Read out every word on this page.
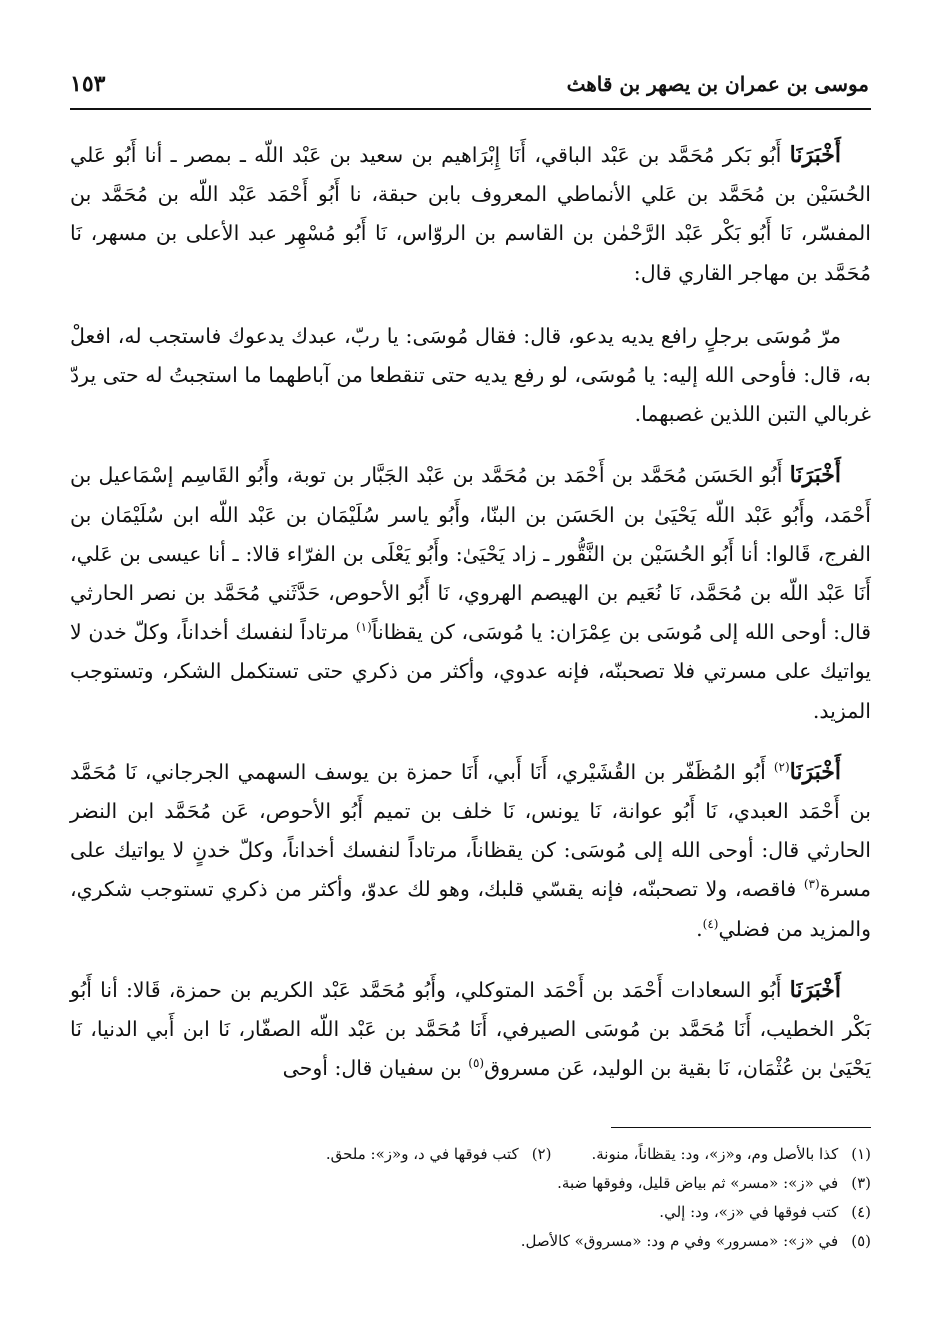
موسى بن عمران بن يصهر بن قاهث
١٥٣

أَخْبَرَنَا أَبُو بَكر مُحَمَّد بن عَبْد الباقي، أَنَا إِبْرَاهيم بن سعيد بن عَبْد اللّه ـ بمصر ـ أنا أَبُو عَلي الحُسَيْن بن مُحَمَّد بن عَلي الأنماطي المعروف بابن حبقة، نا أَبُو أَحْمَد عَبْد اللّه بن مُحَمَّد بن المفسّر، نَا أَبُو بَكْر عَبْد الرَّحْمٰن بن القاسم بن الروّاس، نَا أَبُو مُسْهِر عبد الأعلى بن مسهر، نَا مُحَمَّد بن مهاجر القاري قال:

مرّ مُوسَى برجلٍ رافع يديه يدعو، قال: فقال مُوسَى: يا ربّ، عبدك يدعوك فاستجب له، افعلْ به، قال: فأوحى الله إليه: يا مُوسَى، لو رفع يديه حتى تنقطعا من آباطهما ما استجبتُ له حتى يردّ غربالي التبن اللذين غصبهما.

أَخْبَرَنَا أَبُو الحَسَن مُحَمَّد بن أَحْمَد بن مُحَمَّد بن عَبْد الجَبَّار بن توبة، وأَبُو القَاسِم إسْمَاعيل بن أَحْمَد، وأَبُو عَبْد اللّه يَحْيَىٰ بن الحَسَن بن البنّا، وأَبُو ياسر سُلَيْمَان بن عَبْد اللّه ابن سُلَيْمَان بن الفرج، قَالوا: أنا أَبُو الحُسَيْن بن النَّقُّور ـ زاد يَحْيَىٰ: وأَبُو يَعْلَى بن الفرّاء قالا: ـ أنا عيسى بن عَلي، أَنَا عَبْد اللّه بن مُحَمَّد، نَا نُعَيم بن الهيصم الهروي، نَا أَبُو الأحوص، حَدَّثَني مُحَمَّد بن نصر الحارثي قال: أوحى الله إلى مُوسَى بن عِمْرَان: يا مُوسَى، كن يقظاناً$^{(١)}$ مرتاداً لنفسك أخداناً، وكلّ خدن لا يواتيك على مسرتي فلا تصحبنّه، فإنه عدوي، وأكثر من ذكري حتى تستكمل الشكر، وتستوجب المزيد.

أَخْبَرَنَا$^{(٢)}$ أَبُو المُظَفّر بن القُشَيْري، أَنَا أَبي، أَنَا حمزة بن يوسف السهمي الجرجاني، نَا مُحَمَّد بن أَحْمَد العبدي، نَا أَبُو عوانة، نَا يونس، نَا خلف بن تميم أَبُو الأحوص، عَن مُحَمَّد ابن النضر الحارثي قال: أوحى الله إلى مُوسَى: كن يقظاناً، مرتاداً لنفسك أخداناً، وكلّ خدنٍ لا يواتيك على مسرة$^{(٣)}$ فاقصه، ولا تصحبنّه، فإنه يقسّي قلبك، وهو لك عدوّ، وأكثر من ذكري تستوجب شكري، والمزيد من فضلي$^{(٤)}$.

أَخْبَرَنَا أَبُو السعادات أَحْمَد بن أَحْمَد المتوكلي، وأَبُو مُحَمَّد عَبْد الكريم بن حمزة، قَالا: أنا أَبُو بَكْر الخطيب، أَنَا مُحَمَّد بن مُوسَى الصيرفي، أَنَا مُحَمَّد بن عَبْد اللّه الصفّار، نَا ابن أَبي الدنيا، نَا يَحْيَىٰ بن عُثْمَان، نَا بقية بن الوليد، عَن مسروق$^{(٥)}$ بن سفيان قال: أوحى

(١) كذا بالأصل وم، و«ز»، ود: يقظاناً، منونة.
(٢) كتب فوقها في د، و«ز»: ملحق.
(٣) في «ز»: «مسر» ثم بياض قليل، وفوقها ضبة.
(٤) كتب فوقها في «ز»، ود: إلي.
(٥) في «ز»: «مسرور» وفي م ود: «مسروق» كالأصل.
